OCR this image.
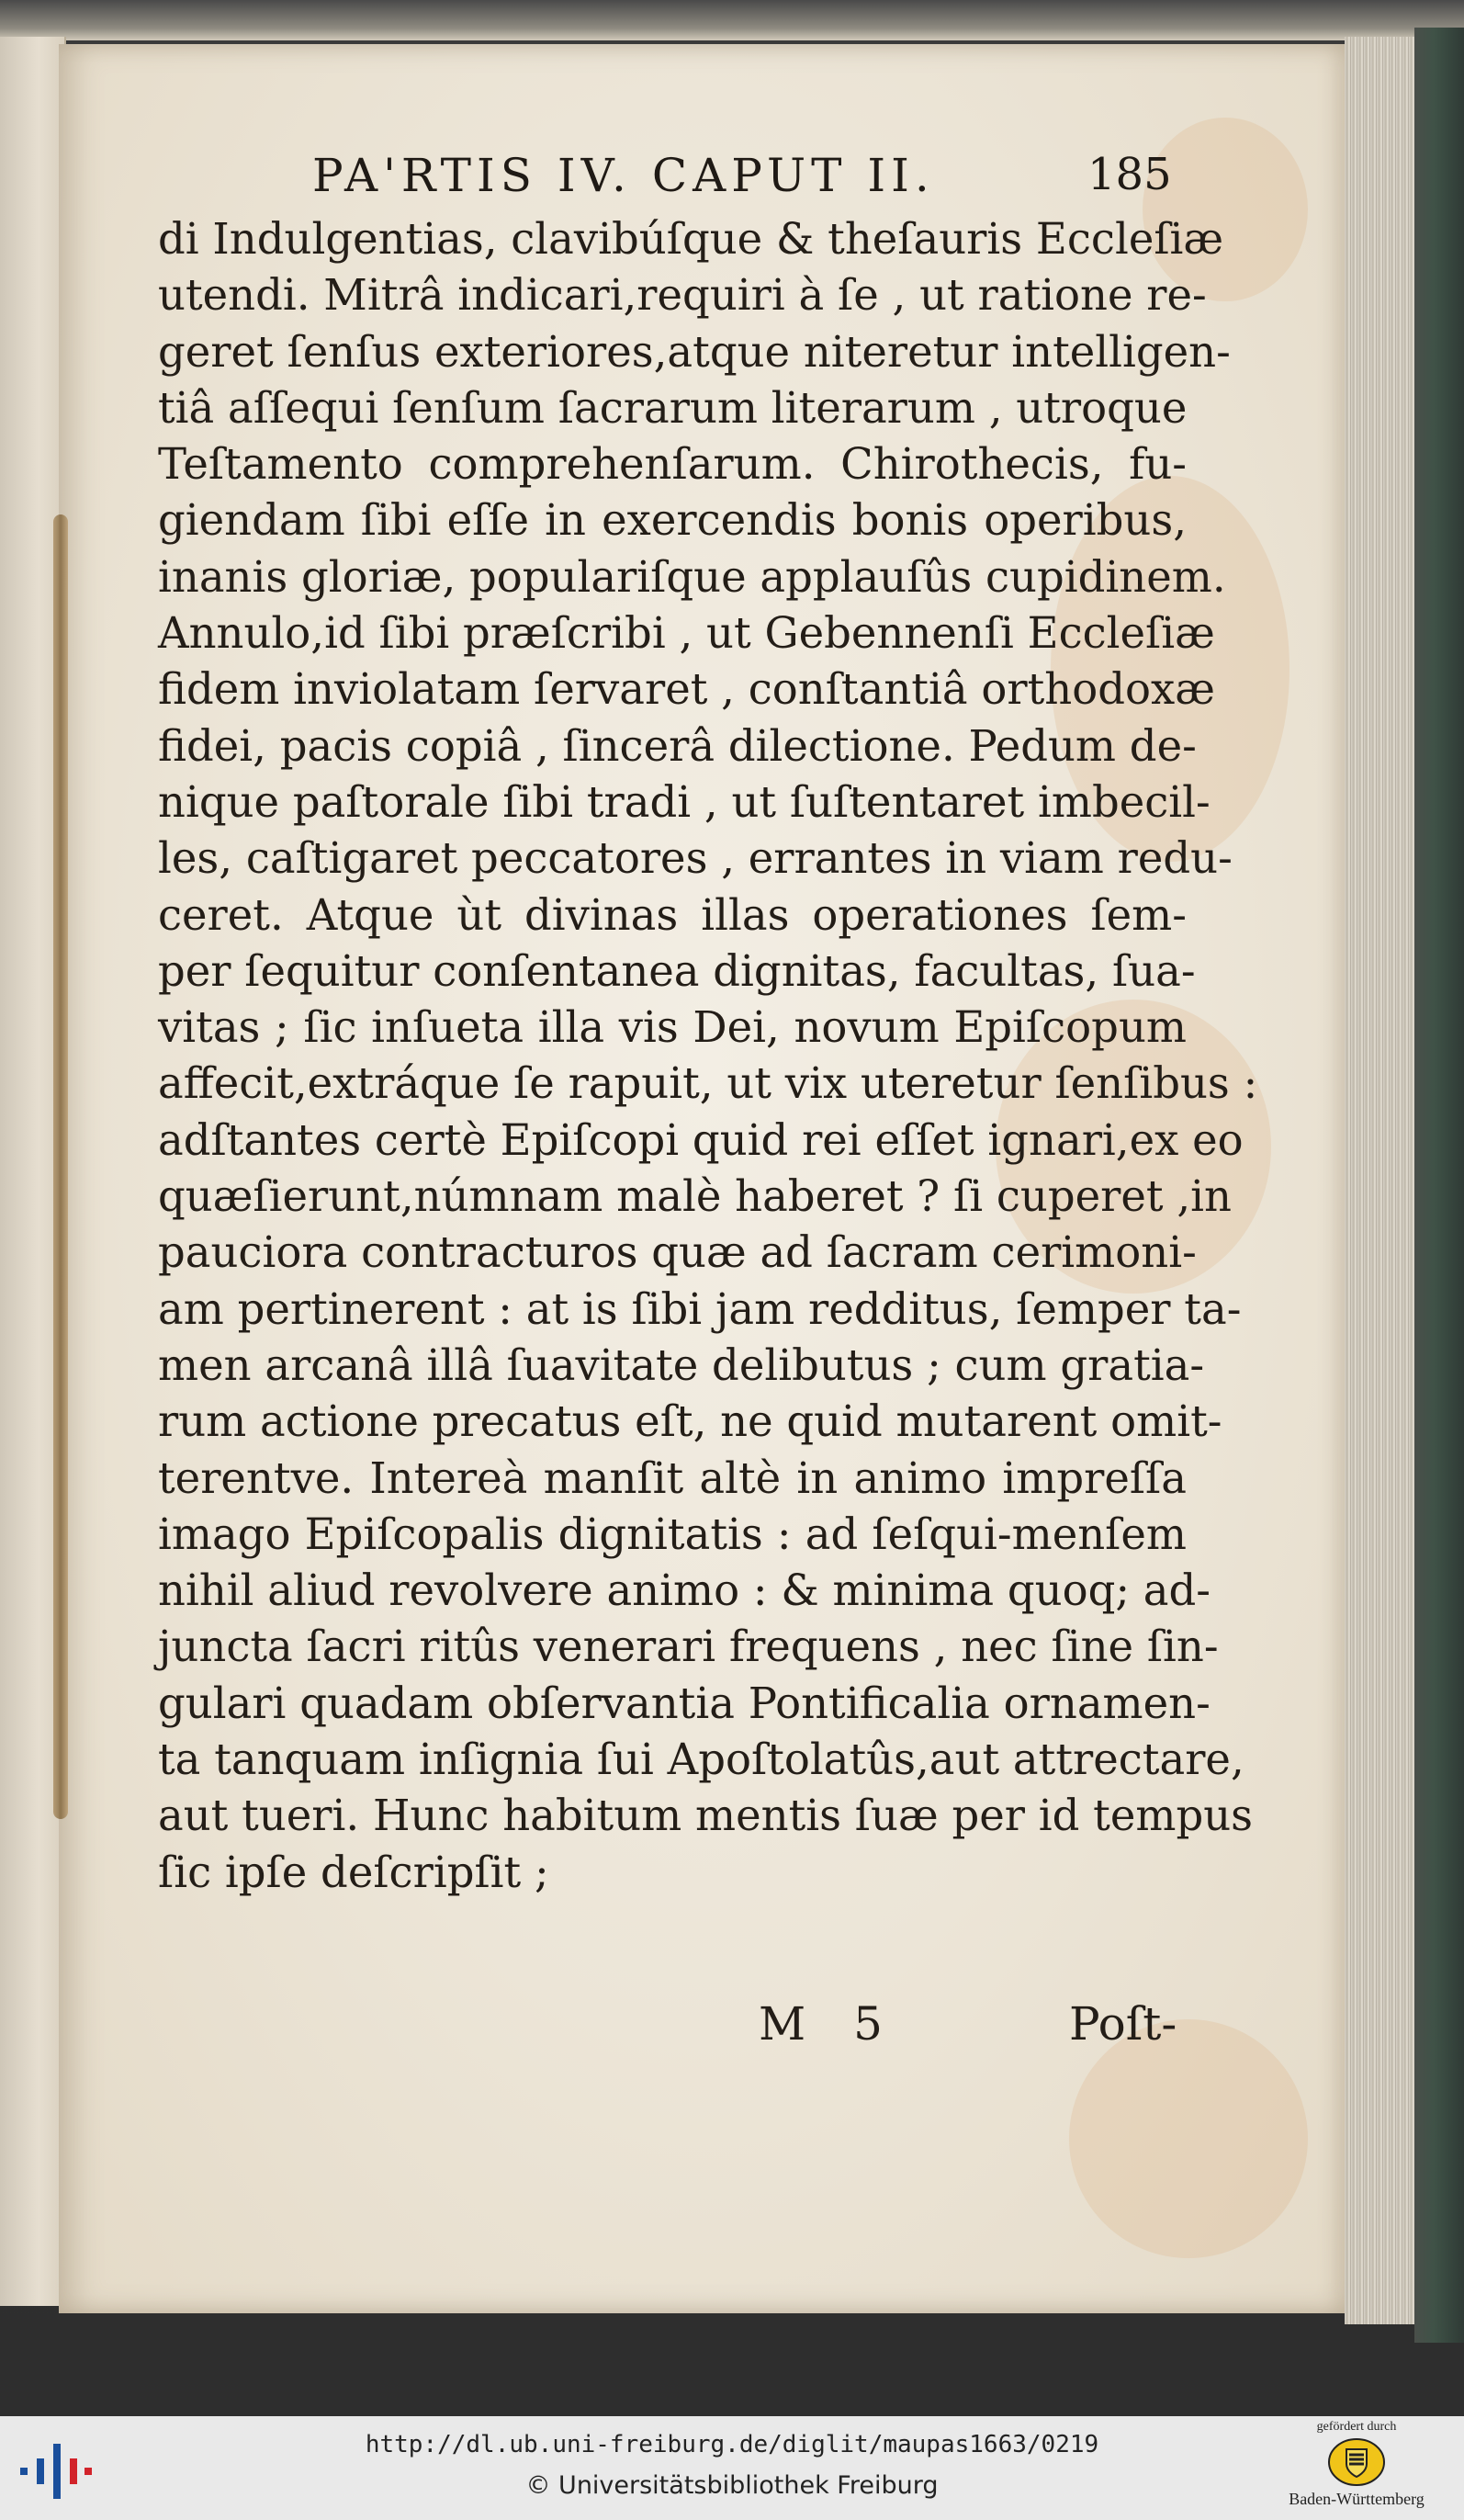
PA'RTIS IV. CAPUT II.	185
di Indulgentias, clavibúſque & theſauris Eccleſiæ
utendi. Mitrâ indicari,requiri à ſe , ut ratione re-
geret ſenſus exteriores,atque niteretur intelligen-
tiâ aſſequi ſenſum ſacrarum literarum , utroque
Teſtamento comprehenſarum. Chirothecis, fu-
giendam ſibi eſſe in exercendis bonis operibus,
inanis gloriæ, populariſque applauſûs cupidinem.
Annulo,id ſibi præſcribi , ut Gebennenſi Eccleſiæ
fidem inviolatam ſervaret , conſtantiâ orthodoxæ
fidei, pacis copiâ , ſincerâ dilectione. Pedum de-
nique paſtorale ſibi tradi , ut ſuſtentaret imbecil-
les, caſtigaret peccatores , errantes in viam redu-
ceret. Atque ùt divinas illas operationes ſem-
per ſequitur conſentanea dignitas, facultas, ſua-
vitas ; ſic inſueta illa vis Dei, novum Epiſcopum
affecit,extráque ſe rapuit, ut vix uteretur ſenſibus :
adſtantes certè Epiſcopi quid rei eſſet ignari,ex eo
quæſierunt,númnam malè haberet ? ſi cuperet ,in
pauciora contracturos quæ ad ſacram cerimoni-
am pertinerent : at is ſibi jam redditus, ſemper ta-
men arcanâ illâ ſuavitate delibutus ; cum gratia-
rum actione precatus eſt, ne quid mutarent omit-
terentve. Intereà manſit altè in animo impreſſa
imago Epiſcopalis dignitatis : ad ſeſqui-menſem
nihil aliud revolvere animo : & minima quoq; ad-
juncta ſacri ritûs venerari frequens , nec ſine ſin-
gulari quadam obſervantia Pontificalia ornamen-
ta tanquam inſignia ſui Apoſtolatûs,aut attrectare,
aut tueri. Hunc habitum mentis ſuæ per id tempus
ſic ipſe deſcripſit ;
M 5	Poſt-
http://dl.ub.uni-freiburg.de/diglit/maupas1663/0219
© Universitätsbibliothek Freiburg
gefördert durch
Baden-Württemberg
